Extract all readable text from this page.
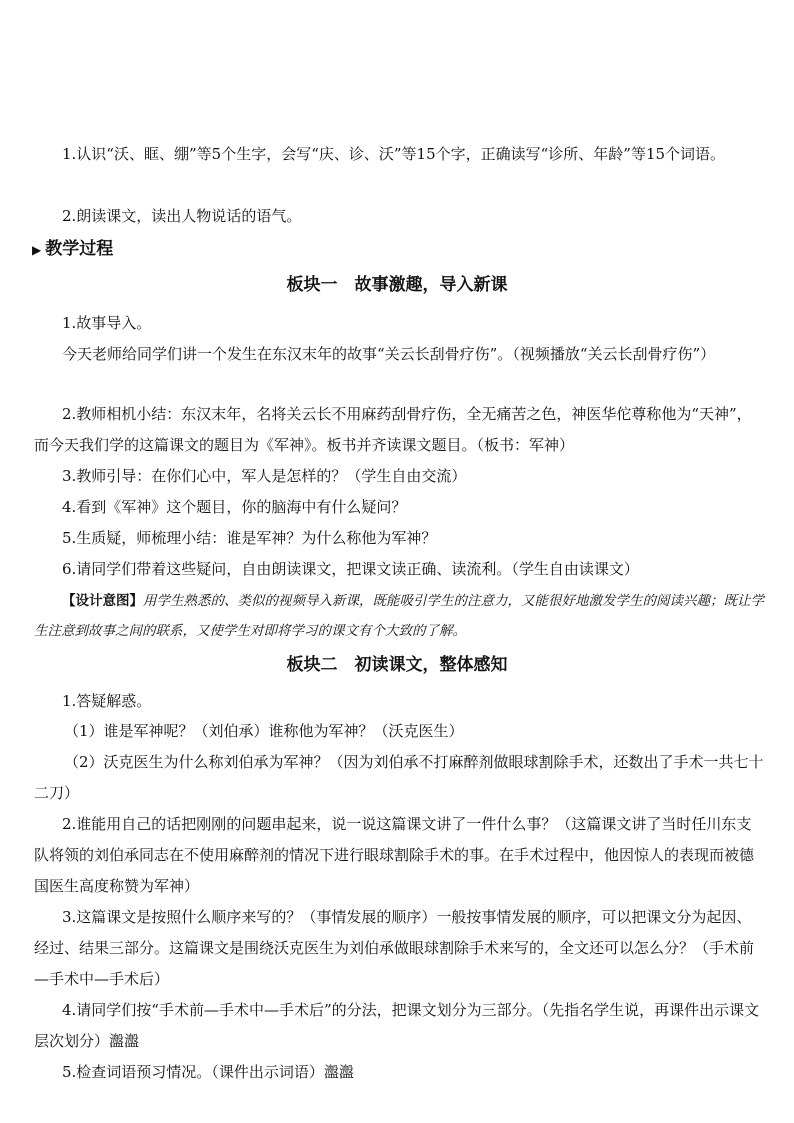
1.认识“沃、眶、绷”等5个生字，会写“庆、诊、沃”等15个字，正确读写“诊所、年龄”等15个词语。

2.朗读课文，读出人物说话的语气。

▶ 教学过程

板块一　故事激趣，导入新课

1.故事导入。

今天老师给同学们讲一个发生在东汉末年的故事“关云长刮骨疗伤”。（视频播放“关云长刮骨疗伤”）

2.教师相机小结：东汉末年，名将关云长不用麻药刮骨疗伤，全无痛苦之色，神医华佗尊称他为“天神”，而今天我们学的这篇课文的题目为《军神》。板书并齐读课文题目。（板书：军神）

3.教师引导：在你们心中，军人是怎样的？（学生自由交流）

4.看到《军神》这个题目，你的脑海中有什么疑问？

5.生质疑，师梳理小结：谁是军神？为什么称他为军神？

6.请同学们带着这些疑问，自由朗读课文，把课文读正确、读流利。（学生自由读课文）

【设计意图】用学生熟悉的、类似的视频导入新课，既能吸引学生的注意力，又能很好地激发学生的阅读兴趣；既让学生注意到故事之间的联系，又使学生对即将学习的课文有个大致的了解。

板块二　初读课文，整体感知

1.答疑解惑。

（1）谁是军神呢？（刘伯承）谁称他为军神？（沃克医生）

（2）沃克医生为什么称刘伯承为军神？（因为刘伯承不打麻醉剂做眼球割除手术，还数出了手术一共七十二刀）

2.谁能用自己的话把刚刚的问题串起来，说一说这篇课文讲了一件什么事？（这篇课文讲了当时任川东支队将领的刘伯承同志在不使用麻醉剂的情况下进行眼球割除手术的事。在手术过程中，他因惊人的表现而被德国医生高度称赞为军神）

3.这篇课文是按照什么顺序来写的？（事情发展的顺序）一般按事情发展的顺序，可以把课文分为起因、经过、结果三部分。这篇课文是围绕沃克医生为刘伯承做眼球割除手术来写的，全文还可以怎么分？（手术前—手术中—手术后）

4.请同学们按“手术前—手术中—手术后”的分法，把课文划分为三部分。（先指名学生说，再课件出示课文层次划分）瀊瀊

5.检查词语预习情况。（课件出示词语）瀊瀊
